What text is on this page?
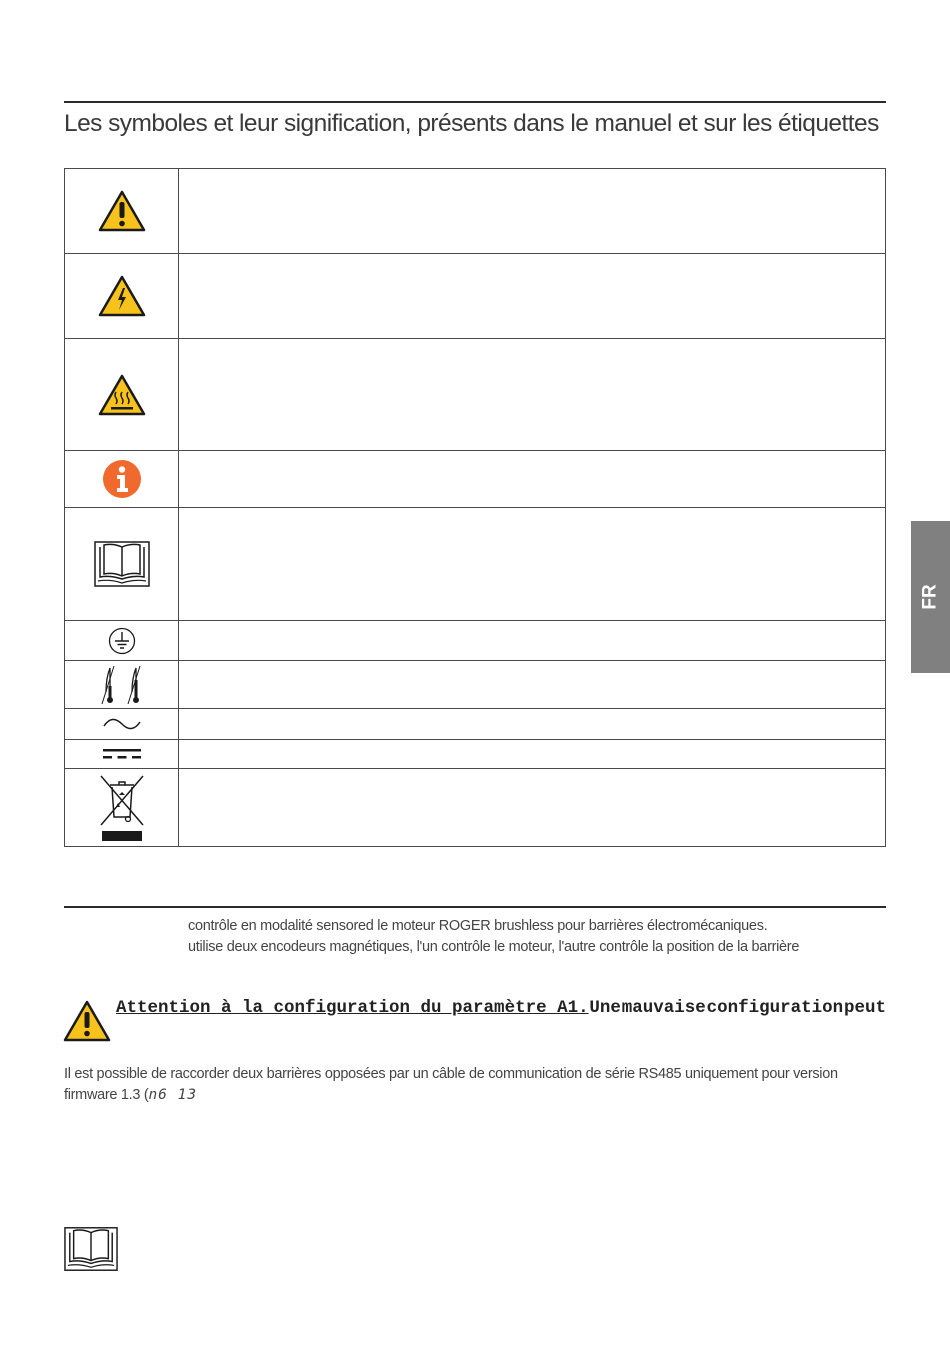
Les symboles et leur signification, présents dans le manuel et sur les étiquettes

contrôle en modalité sensored le moteur ROGER brushless pour barrières électromécaniques.
utilise deux encodeurs magnétiques, l'un contrôle le moteur, l'autre contrôle la position de la barrière
Attention à la configuration du paramètre A1. Une mauvaise configuration peut
Il est possible de raccorder deux barrières opposées par un câble de communication de série RS485 uniquement pour version firmware 1.3 (n6 13
FR
